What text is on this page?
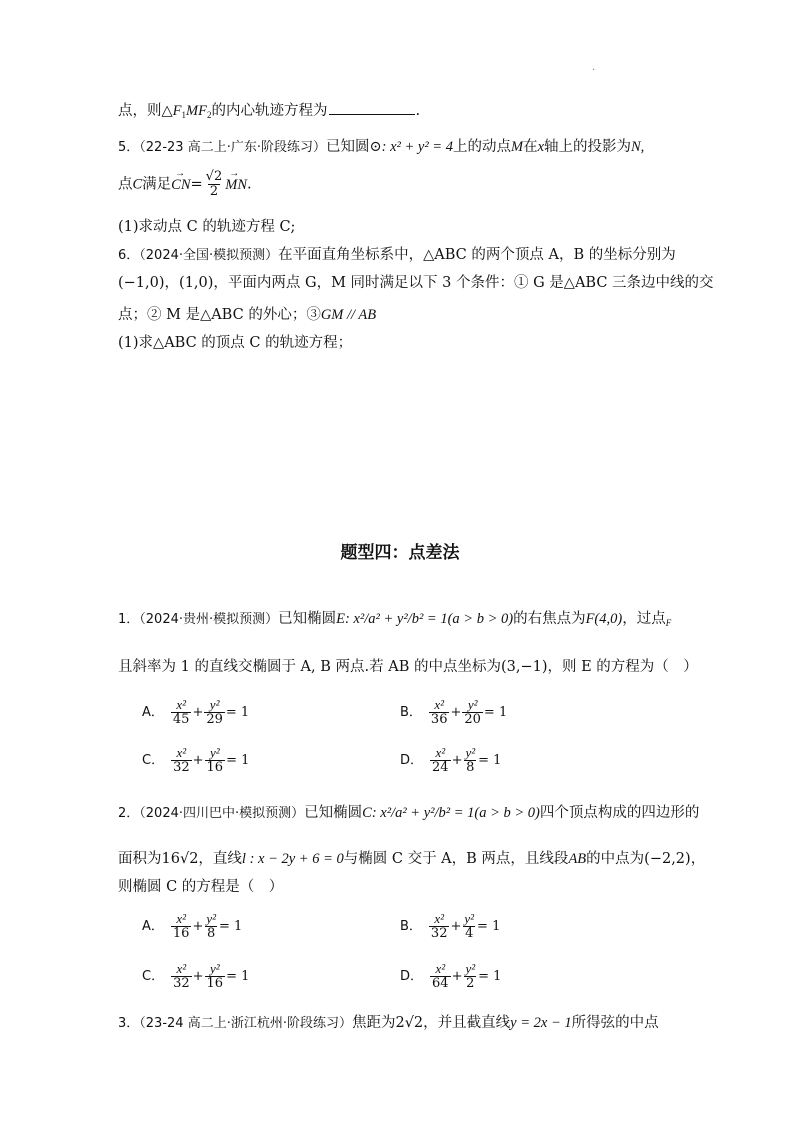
.
点，则$\triangle F_1MF_2$的内心轨迹方程为	.
5．（22-23 高二上·广东·阶段练习）已知圆⊙: x² + y² = 4上的动点M在x轴上的投影为N,
点C满足→ $CN= \frac{√2}{2}$
→ MN.
(1)求动点 C 的轨迹方程 C;
6．（2024·全国·模拟预测）在平面直角坐标系中，△ABC 的两个顶点 A，B 的坐标分别为
(−1,0)，(1,0)，平面内两点 G，M 同时满足以下 3 个条件：① G 是△ABC 三条边中线的交
点；② M 是△ABC 的外心；③GM // AB
(1)求△ABC 的顶点 C 的轨迹方程；
题型四：点差法
1．（2024·贵州·模拟预测）已知椭圆E: x²/a² + y²/b² = 1(a > b > 0)的右焦点为F(4,0)，过点$_F$
且斜率为 1 的直线交椭圆于 A, B 两点.若 AB 的中点坐标为(3,−1)，则 E 的方程为（　）
A． $\frac{\text{x²}}{45} + \frac{\text{y²}}{29} = 1$	B． $\frac{\text{x²}}{36} + \frac{\text{y²}}{20} = 1$
C． $\frac{\text{x²}}{32} + \frac{\text{y²}}{16} = 1$	D． $\frac{\text{x²}}{24} + \frac{\text{y²}}{8} = 1$
2．（2024·四川巴中·模拟预测）已知椭圆C: x²/a² + y²/b² = 1(a > b > 0)四个顶点构成的四边形的
面积为16√2，直线l : x − 2y + 6 = 0与椭圆 C 交于 A，B 两点，且线段AB的中点为(−2,2)，
则椭圆 C 的方程是（　）
A． $\frac{\text{x²}}{16} + \frac{\text{y²}}{8} = 1$	B． $\frac{\text{x²}}{32} + \frac{\text{y²}}{4} = 1$
C． $\frac{\text{x²}}{32} + \frac{\text{y²}}{16} = 1$	D． $\frac{\text{x²}}{64} + \frac{\text{y²}}{2} = 1$
3．（23-24 高二上·浙江杭州·阶段练习）焦距为2√2，并且截直线y = 2x − 1所得弦的中点
